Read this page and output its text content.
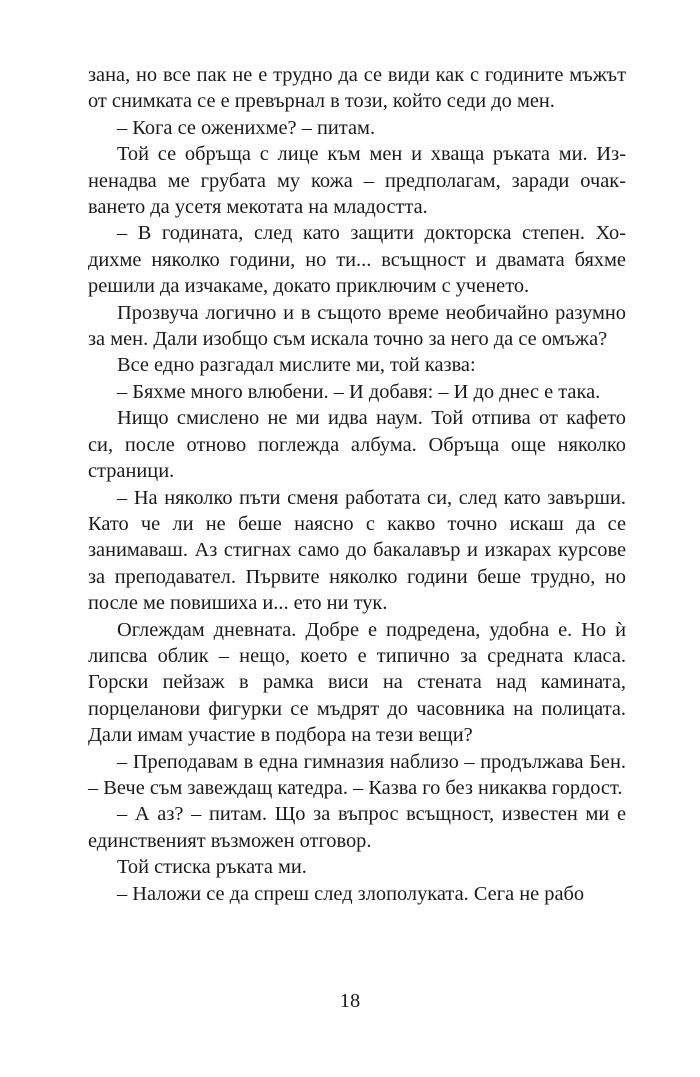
зана, но все пак не е трудно да се види как с годините мъжът от снимката се е превърнал в този, който седи до мен.

– Кога се оженихме? – питам.

Той се обръща с лице към мен и хваща ръката ми. Изненадва ме грубата му кожа – предполагам, заради очакването да усетя мекотата на младостта.

– В годината, след като защити докторска степен. Ходихме няколко години, но ти... всъщност и двамата бяхме решили да изчакаме, докато приключим с ученето.

Прозвуча логично и в същото време необичайно разумно за мен. Дали изобщо съм искала точно за него да се омъжа?

Все едно разгадал мислите ми, той казва:

– Бяхме много влюбени. – И добавя: – И до днес е така.

Нищо смислено не ми идва наум. Той отпива от кафето си, после отново поглежда албума. Обръща още няколко страници.

– На няколко пъти сменя работата си, след като завърши. Като че ли не беше наясно с какво точно искаш да се занимаваш. Аз стигнах само до бакалавър и изкарах курсове за преподавател. Първите няколко години беше трудно, но после ме повишиха и... ето ни тук.

Оглеждам дневната. Добре е подредена, удобна е. Но ѝ липсва облик – нещо, което е типично за средната класа. Горски пейзаж в рамка виси на стената над камината, порцеланови фигурки се мъдрят до часовника на полицата. Дали имам участие в подбора на тези вещи?

– Преподавам в една гимназия наблизо – продължава Бен. – Вече съм завеждащ катедра. – Казва го без никаква гордост.

– А аз? – питам. Що за въпрос всъщност, известен ми е единственият възможен отговор.

Той стиска ръката ми.

– Наложи се да спреш след злополуката. Сега не рабо

18
